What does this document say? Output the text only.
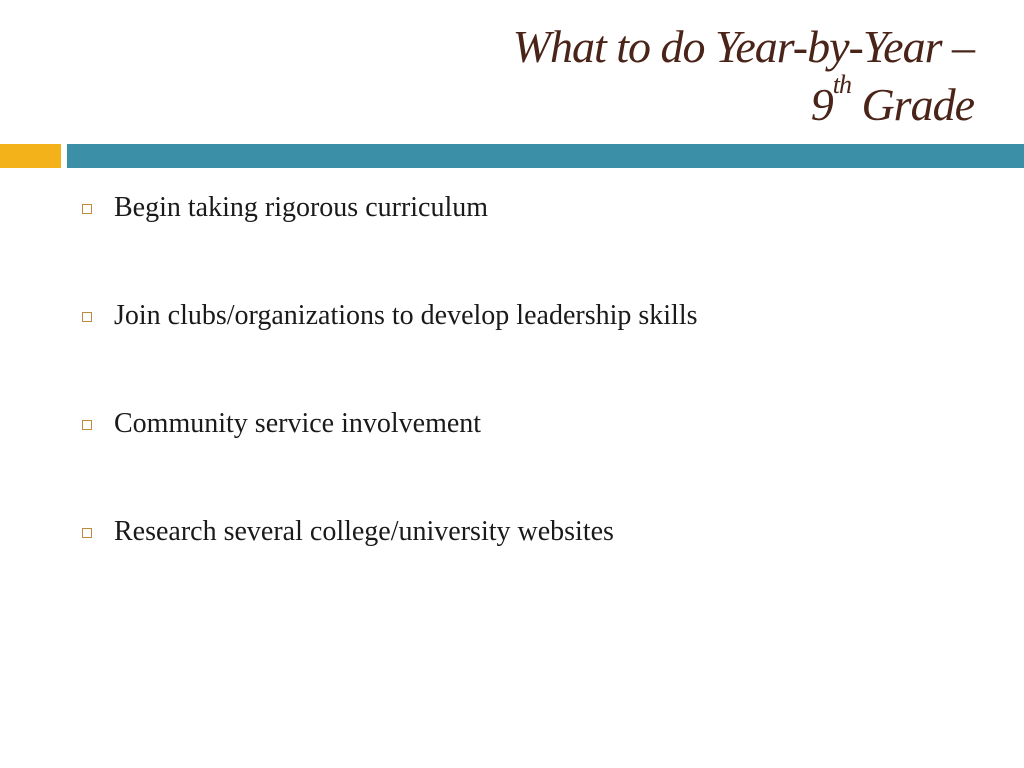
What to do Year-by-Year –
9th Grade
Begin taking rigorous curriculum
Join clubs/organizations to develop leadership skills
Community service involvement
Research several college/university websites
